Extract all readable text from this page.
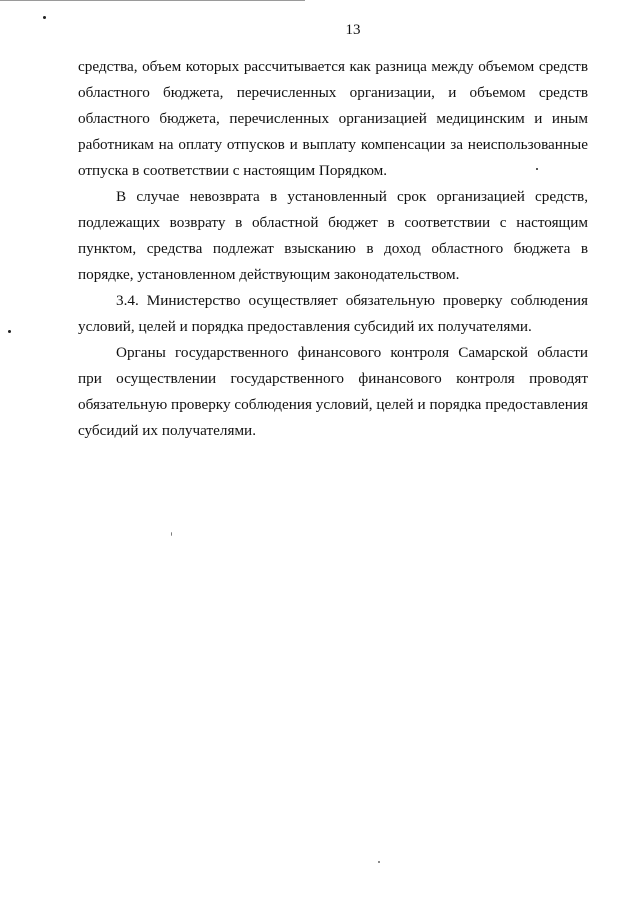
13

средства, объем которых рассчитывается как разница между объемом средств областного бюджета, перечисленных организации, и объемом средств областного бюджета, перечисленных организацией медицинским и иным работникам на оплату отпусков и выплату компенсации за неиспользованные отпуска в соответствии с настоящим Порядком.

В случае невозврата в установленный срок организацией средств, подлежащих возврату в областной бюджет в соответствии с настоящим пунктом, средства подлежат взысканию в доход областного бюджета в порядке, установленном действующим законодательством.

3.4. Министерство осуществляет обязательную проверку соблюдения условий, целей и порядка предоставления субсидий их получателями.

Органы государственного финансового контроля Самарской области при осуществлении государственного финансового контроля проводят обязательную проверку соблюдения условий, целей и порядка предоставления субсидий их получателями.
